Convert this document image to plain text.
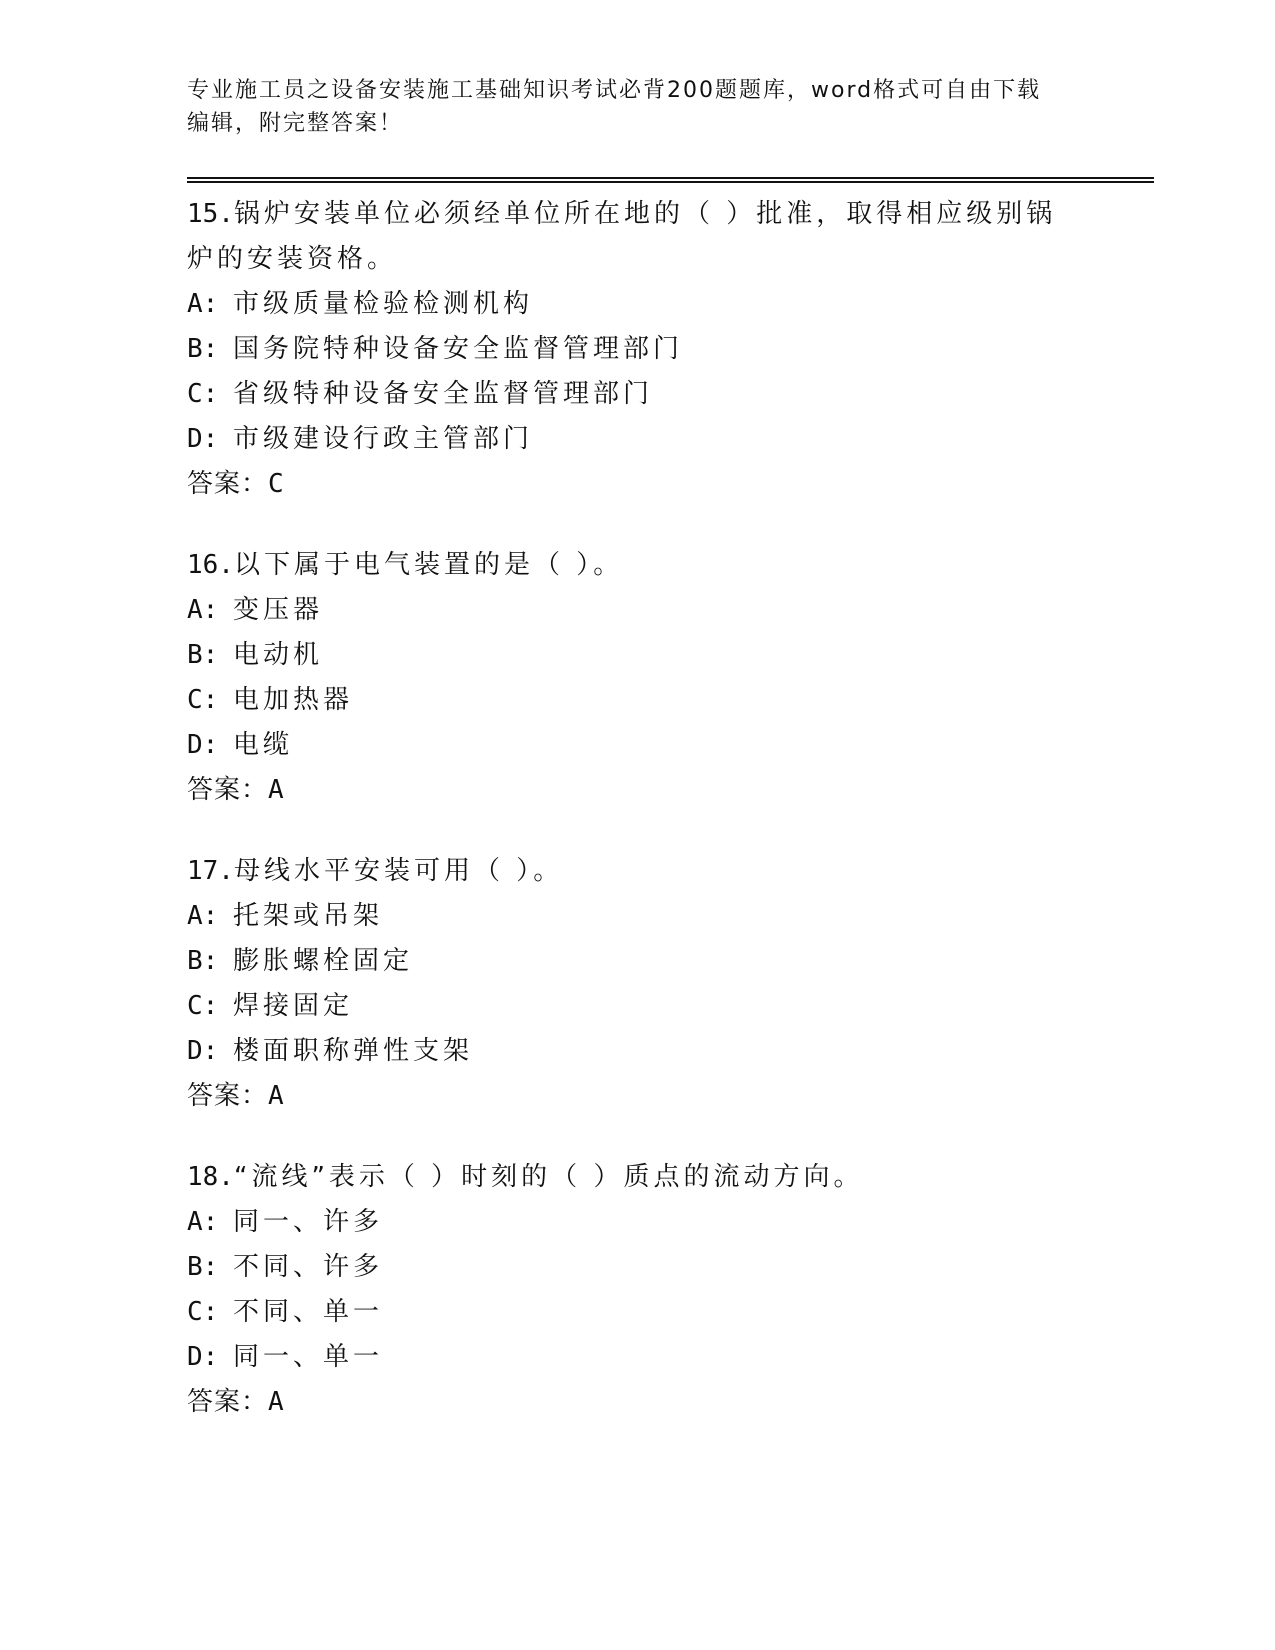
专业施工员之设备安装施工基础知识考试必背200题题库，word格式可自由下载
编辑，附完整答案！
15.锅炉安装单位必须经单位所在地的（ ）批准，取得相应级别锅炉的安装资格。
A: 市级质量检验检测机构
B: 国务院特种设备安全监督管理部门
C: 省级特种设备安全监督管理部门
D: 市级建设行政主管部门
答案：C
16.以下属于电气装置的是（ ）。
A: 变压器
B: 电动机
C: 电加热器
D: 电缆
答案：A
17.母线水平安装可用（ ）。
A: 托架或吊架
B: 膨胀螺栓固定
C: 焊接固定
D: 楼面职称弹性支架
答案：A
18.“流线”表示（ ）时刻的（ ）质点的流动方向。
A: 同一、许多
B: 不同、许多
C: 不同、单一
D: 同一、单一
答案：A
